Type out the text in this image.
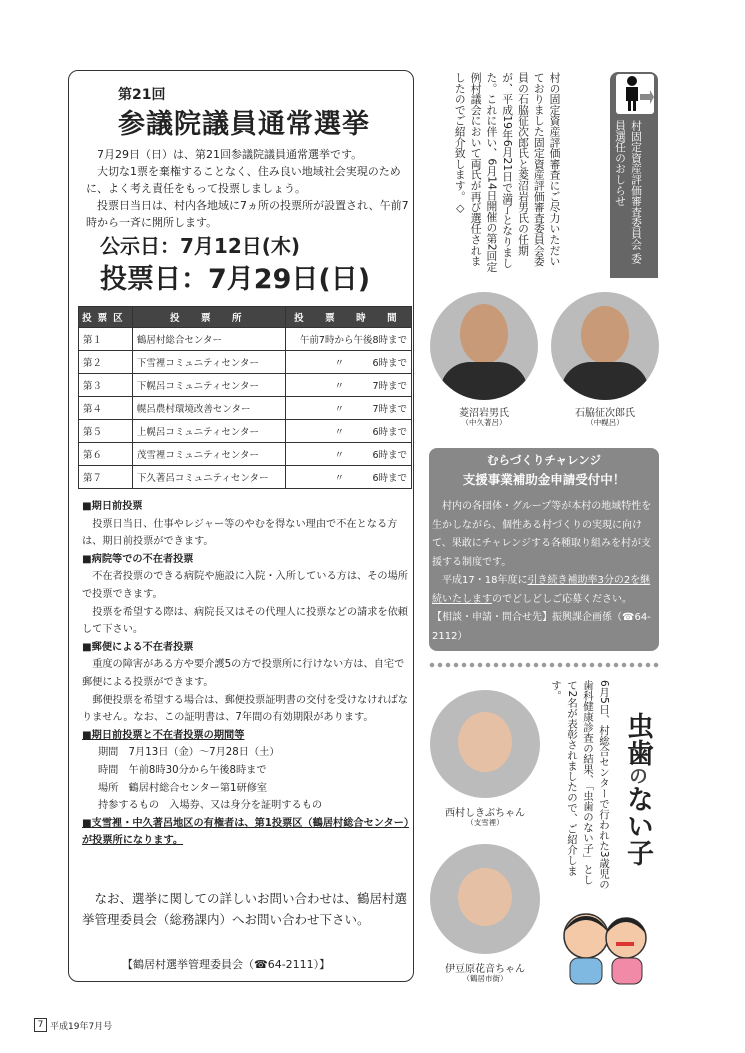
第21回
参議院議員通常選挙

7月29日（日）は、第21回参議院議員通常選挙です。

大切な1票を棄権することなく、住み良い地域社会実現のために、よく考え責任をもって投票しましょう。

投票日当日は、村内各地域に7ヵ所の投票所が設置され、午前7時から一斉に開所します。

公示日：7月12日(木)
投票日：7月29日(日)
投票区	投　票　所	投　票　時　間
第１	鶴居村総合センター	午前7時から午後8時まで
第２	下雪裡コミュニティセンター	〃　　　6時まで
第３	下幌呂コミュニティセンター	〃　　　7時まで
第４	幌呂農村環境改善センター	〃　　　7時まで
第５	上幌呂コミュニティセンター	〃　　　6時まで
第６	茂雪裡コミュニティセンター	〃　　　6時まで
第７	下久著呂コミュニティセンター	〃　　　6時まで
■期日前投票
投票日当日、仕事やレジャー等のやむを得ない理由で不在となる方は、期日前投票ができます。
■病院等での不在者投票
不在者投票のできる病院や施設に入院・入所している方は、その場所で投票できます。
投票を希望する際は、病院長又はその代理人に投票などの請求を依頼して下さい。
■郵便による不在者投票
重度の障害がある方や要介護5の方で投票所に行けない方は、自宅で郵便による投票ができます。
郵便投票を希望する場合は、郵便投票証明書の交付を受けなければなりません。なお、この証明書は、7年間の有効期限があります。
■期日前投票と不在者投票の期間等
期間　7月13日（金）～7月28日（土）
時間　午前8時30分から午後8時まで
場所　鶴居村総合センター第1研修室
持参するもの　入場券、又は身分を証明するもの
■支雪裡・中久著呂地区の有権者は、第1投票区（鶴居村総合センター）が投票所になります。
なお、選挙に関しての詳しいお問い合わせは、鶴居村選挙管理委員会（総務課内）へお問い合わせ下さい。
【鶴居村選挙管理委員会（☎64-2111）】
村の固定資産評価審査にご尽力いただいておりました固定資産評価審査委員会委員の石脇征次郎氏と菱沼岩男氏の任期が、平成19年6月21日で満了となりました。これに伴い、6月14日開催の第2回定例村議会において両氏が再び選任されましたのでご紹介致します。◇	村固定資産評価審査委員会 委員選任のおしらせ
菱沼岩男氏
（中久著呂）
石脇征次郎氏
（中幌呂）
むらづくりチャレンジ
支援事業補助金申請受付中！

村内の各団体・グループ等が本村の地域特性を生かしながら、個性ある村づくりの実現に向けて、果敢にチャレンジする各種取り組みを村が支援する制度です。

平成17・18年度に引き続き補助率3分の2を継続いたしますのでどしどしご応募ください。

【相談・申請・問合せ先】振興課企画係（☎64-2112）
西村しきぶちゃん
（支雪裡）
伊豆原花音ちゃん
（鶴居市街）
6月5日、村総合センターで行われた3歳児の歯科健康診査の結果、「虫歯のない子」として2名が表彰されましたので、ご紹介します。
虫歯のない子
7 平成19年7月号
